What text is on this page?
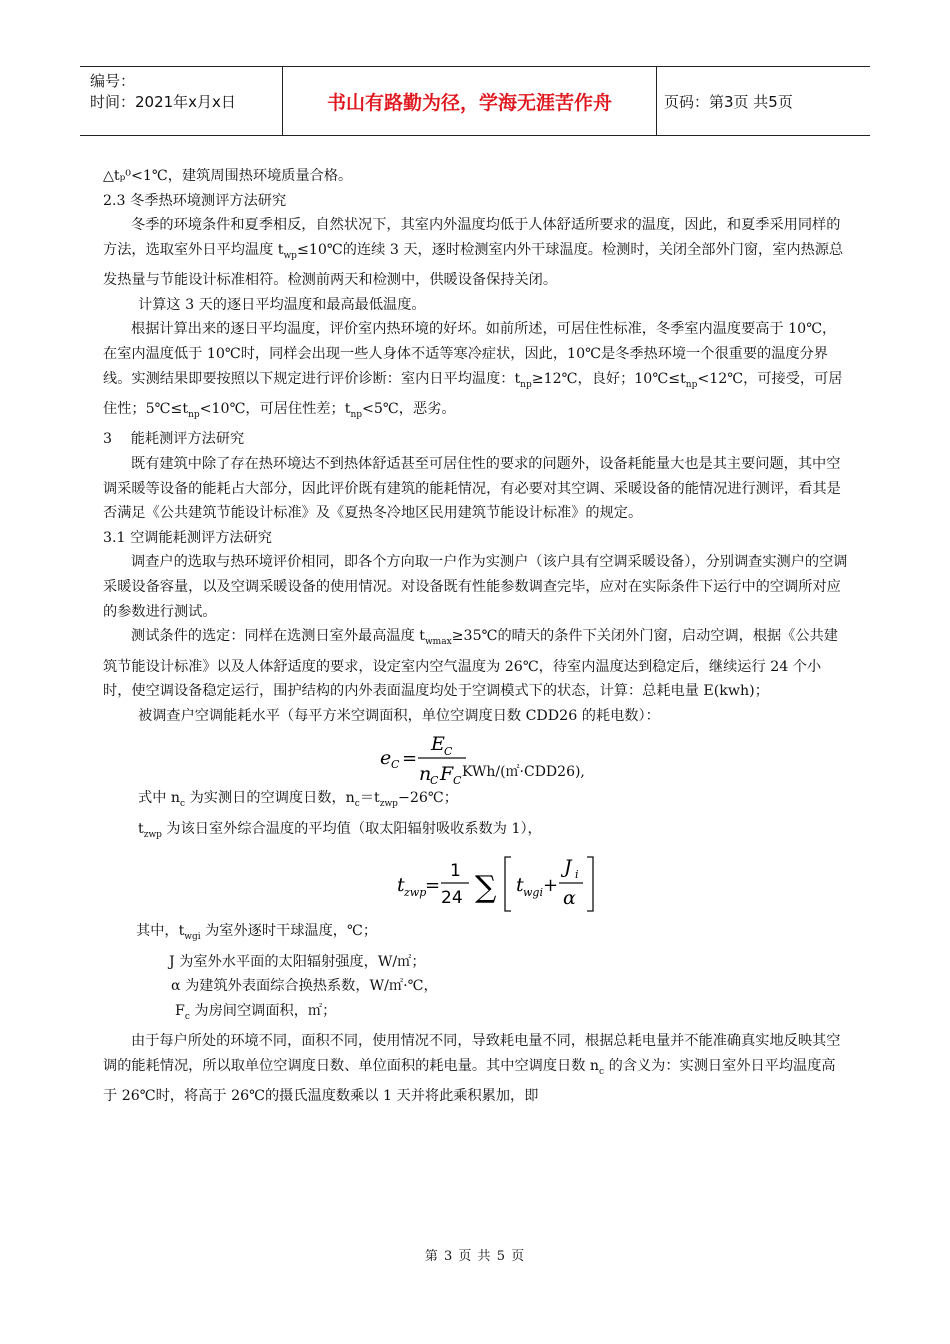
编号：
时间：2021年x月x日	书山有路勤为径，学海无涯苦作舟	页码：第3页 共5页

△tₚ⁰<1℃，建筑周围热环境质量合格。

2.3 冬季热环境测评方法研究

冬季的环境条件和夏季相反，自然状况下，其室内外温度均低于人体舒适所要求的温度，因此，和夏季采用同样的方法，选取室外日平均温度 $t_{wp}\le 10℃$的连续 3 天，逐时检测室内外干球温度。检测时，关闭全部外门窗，室内热源总发热量与节能设计标准相符。检测前两天和检测中，供暖设备保持关闭。

计算这 3 天的逐日平均温度和最高最低温度。

根据计算出来的逐日平均温度，评价室内热环境的好坏。如前所述，可居住性标准，冬季室内温度要高于 10℃，在室内温度低于 10℃时，同样会出现一些人身体不适等寒冷症状，因此，10℃是冬季热环境一个很重要的温度分界线。实测结果即要按照以下规定进行评价诊断：室内日平均温度：$t_{np}\ge 12℃$，良好；$10℃\le t_{np}<12℃$，可接受，可居住性；$5℃\le t_{np}<10℃$，可居住性差；$t_{np}<5℃$，恶劣。

3　 能耗测评方法研究

既有建筑中除了存在热环境达不到热体舒适甚至可居住性的要求的问题外，设备耗能量大也是其主要问题，其中空调采暖等设备的能耗占大部分，因此评价既有建筑的能耗情况，有必要对其空调、采暖设备的能情况进行测评，看其是否满足《公共建筑节能设计标准》及《夏热冬冷地区民用建筑节能设计标准》的规定。

3.1 空调能耗测评方法研究

调查户的选取与热环境评价相同，即各个方向取一户作为实测户（该户具有空调采暖设备），分别调查实测户的空调采暖设备容量，以及空调采暖设备的使用情况。对设备既有性能参数调查完毕，应对在实际条件下运行中的空调所对应的参数进行测试。

测试条件的选定：同样在选测日室外最高温度 $t_{wmax}\ge 35℃$的晴天的条件下关闭外门窗，启动空调，根据《公共建筑节能设计标准》以及人体舒适度的要求，设定室内空气温度为 26℃，待室内温度达到稳定后，继续运行 24 个小时，使空调设备稳定运行，围护结构的内外表面温度均处于空调模式下的状态，计算：总耗电量 E(kwh)；

被调查户空调能耗水平（每平方米空调面积，单位空调度日数 CDD26 的耗电数）：

e C =
E C
n
C F C
KWh/(㎡·CDD26),

式中 $n_c$ 为实测日的空调度日数，$n_c=t_{zwp}-26℃$；

$t_{zwp}$ 为该日室外综合温度的平均值（取太阳辐射吸收系数为 1），

t zwp
=
1
24 ∑ t wgi +
J i
α

其中，$t_{wgi}$ 为室外逐时干球温度，℃；

J 为室外水平面的太阳辐射强度，W/㎡；

α 为建筑外表面综合换热系数，W/㎡·℃，

$F_c$ 为房间空调面积，㎡；

由于每户所处的环境不同，面积不同，使用情况不同，导致耗电量不同，根据总耗电量并不能准确真实地反映其空调的能耗情况，所以取单位空调度日数、单位面积的耗电量。其中空调度日数 $n_c$ 的含义为：实测日室外日平均温度高于 26℃时，将高于 26℃的摄氏温度数乘以 1 天并将此乘积累加，即

第 3 页 共 5 页
